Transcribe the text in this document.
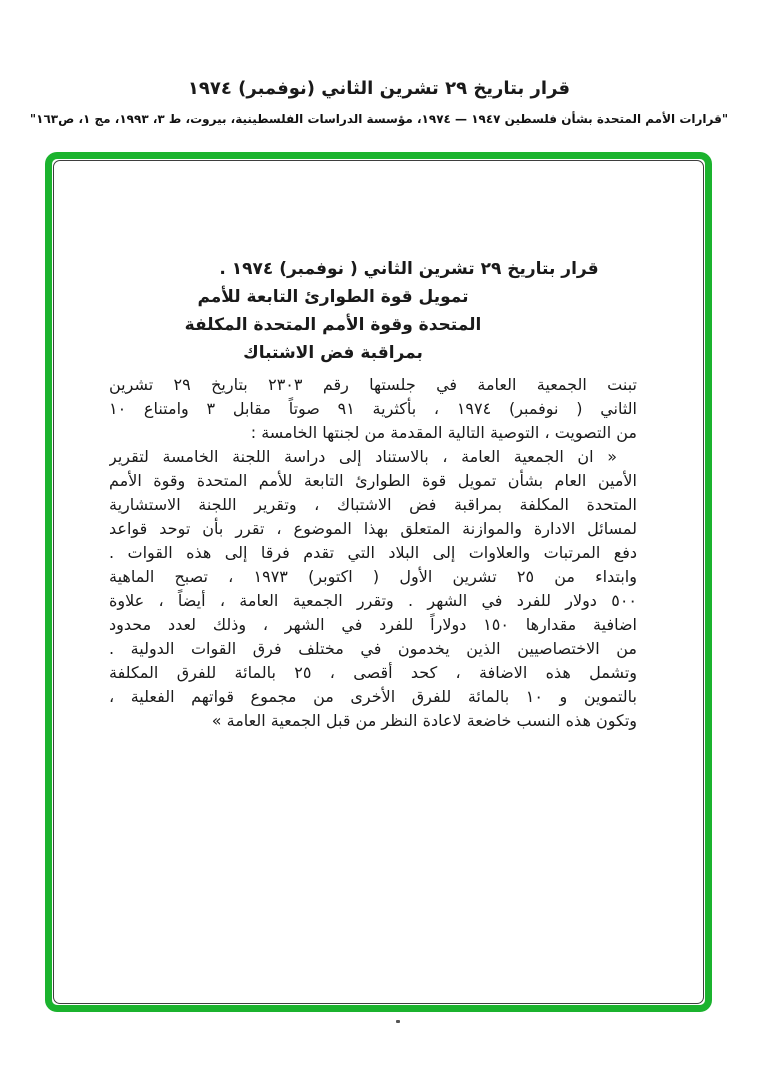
قرار بتاريخ ٢٩ تشرين الثاني (نوفمبر) ١٩٧٤
"قرارات الأمم المتحدة بشأن فلسطين ١٩٤٧ — ١٩٧٤، مؤسسة الدراسات الفلسطينية، بيروت، ط ٣، ١٩٩٣، مج ١، ص١٦٣"
قرار بتاريخ ٢٩ تشرين الثاني ( نوفمبر) ١٩٧٤ .
تمويل قوة الطوارئ التابعة للأمم
المتحدة وقوة الأمم المتحدة المكلفة
بمراقبة فض الاشتباك
تبنت الجمعية العامة في جلستها رقم ٢٣٠٣ بتاريخ ٢٩ تشرين
الثاني ( نوفمبر) ١٩٧٤ ، بأكثرية ٩١ صوتاً مقابل ٣ وامتناع ١٠
من التصويت ، التوصية التالية المقدمة من لجنتها الخامسة :
« ان الجمعية العامة ، بالاستناد إلى دراسة اللجنة الخامسة لتقرير
الأمين العام بشأن تمويل قوة الطوارئ التابعة للأمم المتحدة وقوة الأمم
المتحدة المكلفة بمراقبة فض الاشتباك ، وتقرير اللجنة الاستشارية
لمسائل الادارة والموازنة المتعلق بهذا الموضوع ، تقرر بأن توحد قواعد
دفع المرتبات والعلاوات إلى البلاد التي تقدم فرقا إلى هذه القوات .
وابتداء من ٢٥ تشرين الأول ( اكتوبر) ١٩٧٣ ، تصبح الماهية
٥٠٠ دولار للفرد في الشهر . وتقرر الجمعية العامة ، أيضاً ، علاوة
اضافية مقدارها ١٥٠ دولاراً للفرد في الشهر ، وذلك لعدد محدود
من الاختصاصيين الذين يخدمون في مختلف فرق القوات الدولية .
وتشمل هذه الاضافة ، كحد أقصى ، ٢٥ بالمائة للفرق المكلفة
بالتموين و ١٠ بالمائة للفرق الأخرى من مجموع قواتهم الفعلية ،
وتكون هذه النسب خاضعة لاعادة النظر من قبل الجمعية العامة »
